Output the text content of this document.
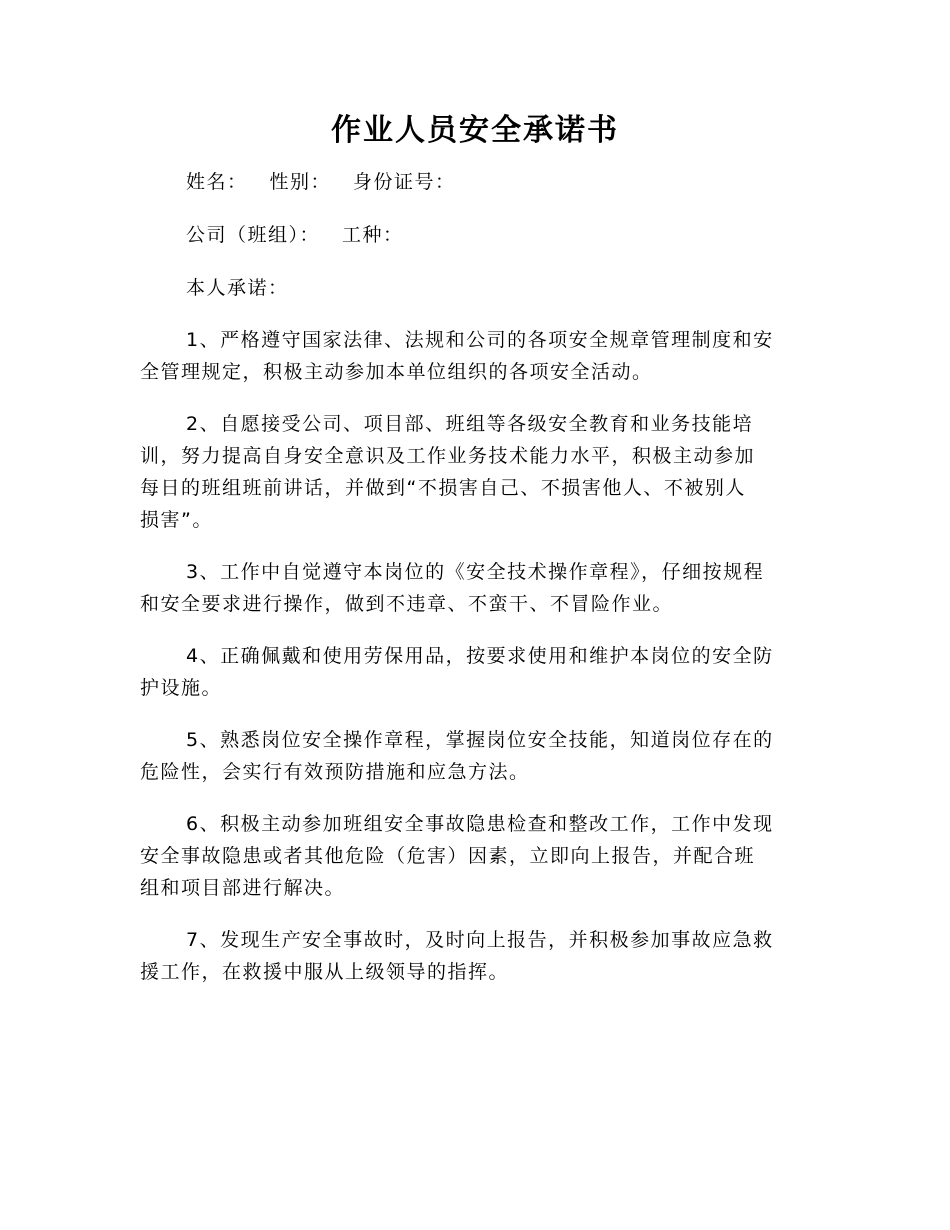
作业人员安全承诺书
姓名： 性别： 身份证号：
公司（班组）： 工种：
本人承诺：
1、严格遵守国家法律、法规和公司的各项安全规章管理制度和安
全管理规定，积极主动参加本单位组织的各项安全活动。
2、自愿接受公司、项目部、班组等各级安全教育和业务技能培
训，努力提高自身安全意识及工作业务技术能力水平，积极主动参加
每日的班组班前讲话，并做到“不损害自己、不损害他人、不被别人
损害”。
3、工作中自觉遵守本岗位的《安全技术操作章程》，仔细按规程
和安全要求进行操作，做到不违章、不蛮干、不冒险作业。
4、正确佩戴和使用劳保用品，按要求使用和维护本岗位的安全防
护设施。
5、熟悉岗位安全操作章程，掌握岗位安全技能，知道岗位存在的
危险性，会实行有效预防措施和应急方法。
6、积极主动参加班组安全事故隐患检查和整改工作，工作中发现
安全事故隐患或者其他危险（危害）因素，立即向上报告，并配合班
组和项目部进行解决。
7、发现生产安全事故时，及时向上报告，并积极参加事故应急救
援工作，在救援中服从上级领导的指挥。
